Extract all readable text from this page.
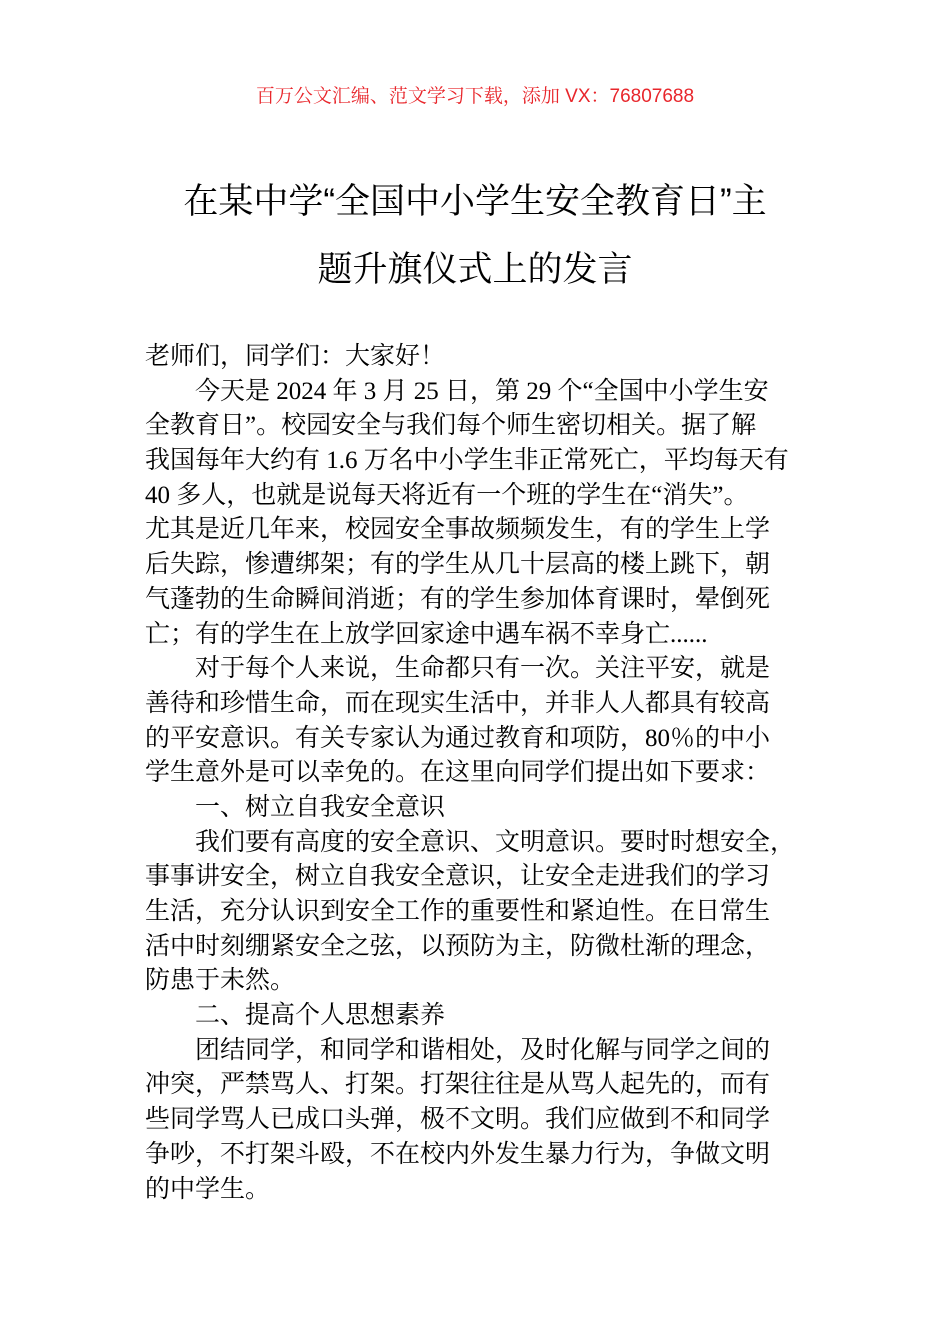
百万公文汇编、范文学习下载，添加 VX：76807688
在某中学“全国中小学生安全教育日”主
题升旗仪式上的发言
老师们，同学们：大家好！
今天是 2024 年 3 月 25 日，第 29 个“全国中小学生安
全教育日”。校园安全与我们每个师生密切相关。据了解
我国每年大约有 1.6 万名中小学生非正常死亡，平均每天有
40 多人，也就是说每天将近有一个班的学生在“消失”。
尤其是近几年来，校园安全事故频频发生，有的学生上学
后失踪，惨遭绑架；有的学生从几十层高的楼上跳下，朝
气蓬勃的生命瞬间消逝；有的学生参加体育课时，晕倒死
亡；有的学生在上放学回家途中遇车祸不幸身亡......
对于每个人来说，生命都只有一次。关注平安，就是
善待和珍惜生命，而在现实生活中，并非人人都具有较高
的平安意识。有关专家认为通过教育和项防，80％的中小
学生意外是可以幸免的。在这里向同学们提出如下要求：
一、树立自我安全意识
我们要有高度的安全意识、文明意识。要时时想安全，
事事讲安全，树立自我安全意识，让安全走进我们的学习
生活，充分认识到安全工作的重要性和紧迫性。在日常生
活中时刻绷紧安全之弦，以预防为主，防微杜渐的理念，
防患于未然。
二、提高个人思想素养
团结同学，和同学和谐相处，及时化解与同学之间的
冲突，严禁骂人、打架。打架往往是从骂人起先的，而有
些同学骂人已成口头弹，极不文明。我们应做到不和同学
争吵，不打架斗殴，不在校内外发生暴力行为，争做文明
的中学生。
